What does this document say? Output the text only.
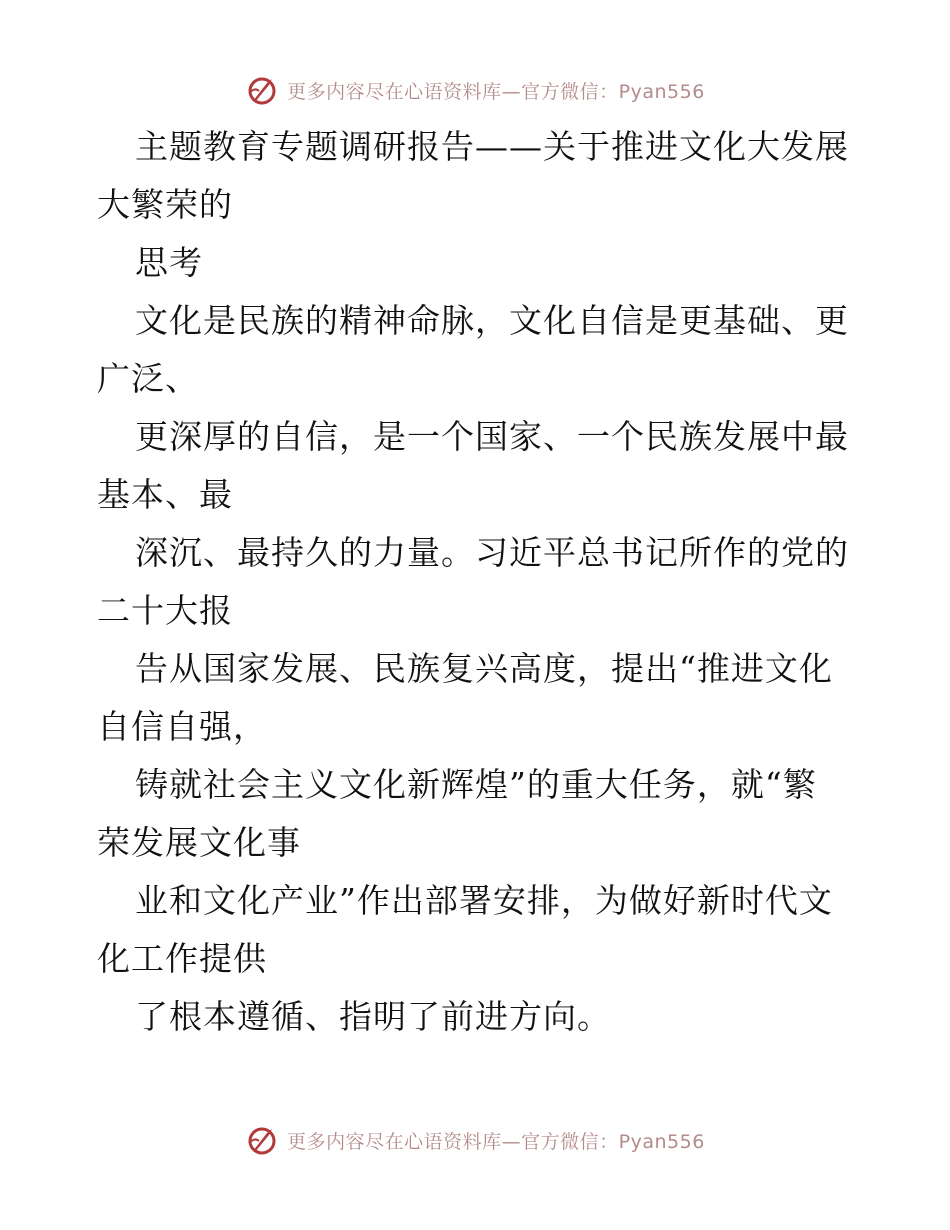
更多内容尽在心语资料库—官方微信：Pyan556
主题教育专题调研报告——关于推进文化大发展
大繁荣的
思考
文化是民族的精神命脉，文化自信是更基础、更
广泛、
更深厚的自信，是一个国家、一个民族发展中最
基本、最
深沉、最持久的力量。习近平总书记所作的党的
二十大报
告从国家发展、民族复兴高度，提出“推进文化
自信自强，
铸就社会主义文化新辉煌”的重大任务，就“繁
荣发展文化事
业和文化产业”作出部署安排，为做好新时代文
化工作提供
了根本遵循、指明了前进方向。
更多内容尽在心语资料库—官方微信：Pyan556
